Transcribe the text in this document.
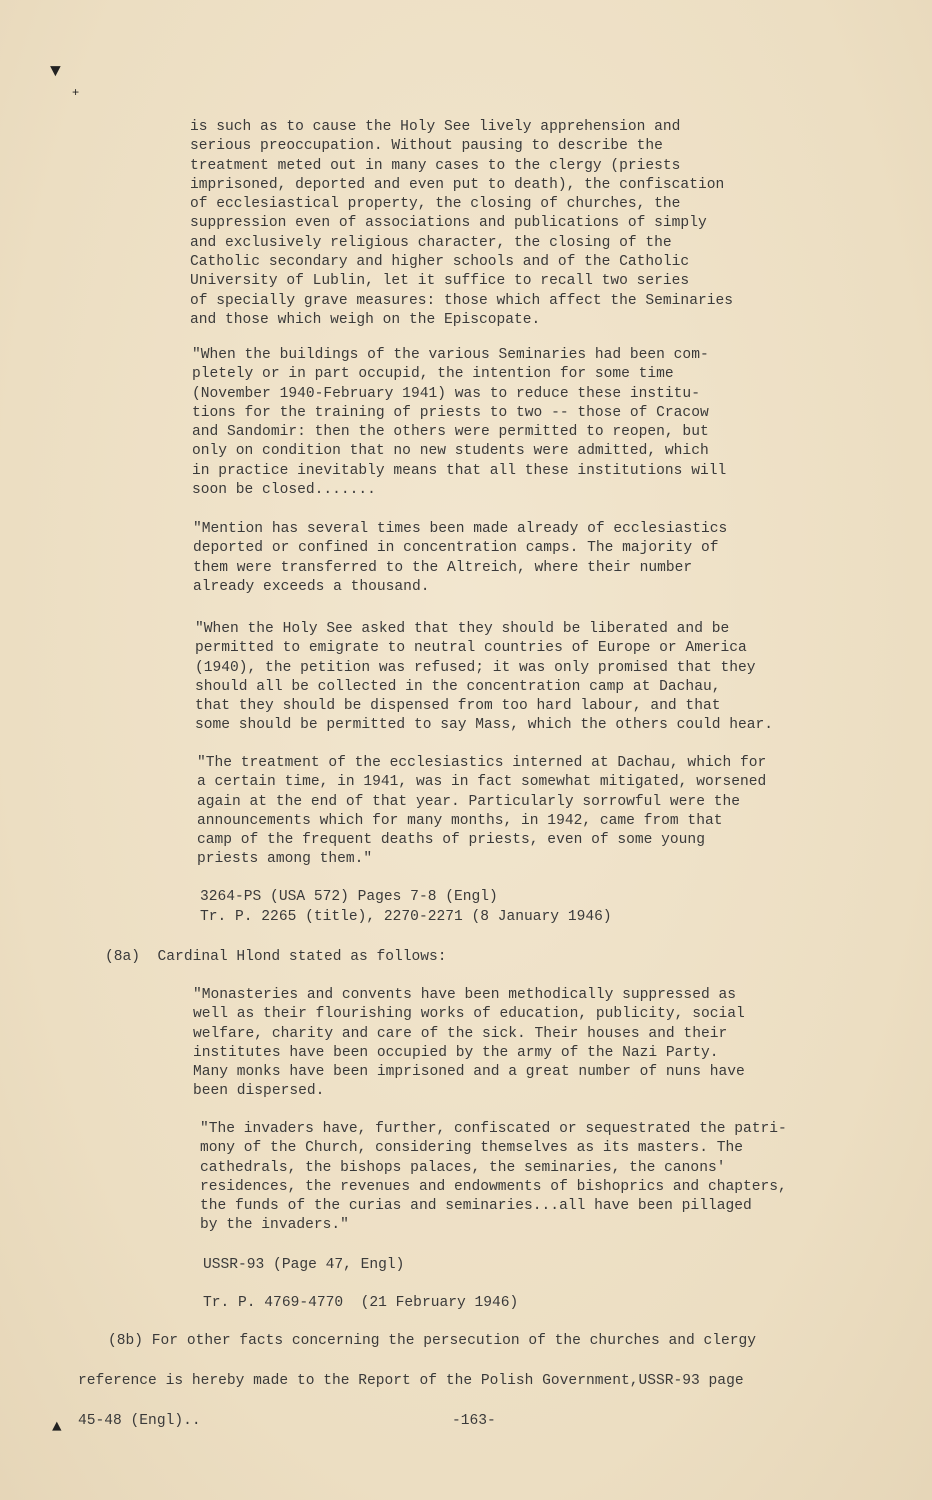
▼
+
is such as to cause the Holy See lively apprehension and
serious preoccupation. Without pausing to describe the
treatment meted out in many cases to the clergy (priests
imprisoned, deported and even put to death), the confiscation
of ecclesiastical property, the closing of churches, the
suppression even of associations and publications of simply
and exclusively religious character, the closing of the
Catholic secondary and higher schools and of the Catholic
University of Lublin, let it suffice to recall two series
of specially grave measures: those which affect the Seminaries
and those which weigh on the Episcopate.
"When the buildings of the various Seminaries had been com-
pletely or in part occupid, the intention for some time
(November 1940-February 1941) was to reduce these institu-
tions for the training of priests to two -- those of Cracow
and Sandomir: then the others were permitted to reopen, but
only on condition that no new students were admitted, which
in practice inevitably means that all these institutions will
soon be closed.......
"Mention has several times been made already of ecclesiastics
deported or confined in concentration camps. The majority of
them were transferred to the Altreich, where their number
already exceeds a thousand.
"When the Holy See asked that they should be liberated and be
permitted to emigrate to neutral countries of Europe or America
(1940), the petition was refused; it was only promised that they
should all be collected in the concentration camp at Dachau,
that they should be dispensed from too hard labour, and that
some should be permitted to say Mass, which the others could hear.
"The treatment of the ecclesiastics interned at Dachau, which for
a certain time, in 1941, was in fact somewhat mitigated, worsened
again at the end of that year. Particularly sorrowful were the
announcements which for many months, in 1942, came from that
camp of the frequent deaths of priests, even of some young
priests among them."
3264-PS (USA 572) Pages 7-8 (Engl)
Tr. P. 2265 (title), 2270-2271 (8 January 1946)
(8a)  Cardinal Hlond stated as follows:
"Monasteries and convents have been methodically suppressed as
well as their flourishing works of education, publicity, social
welfare, charity and care of the sick. Their houses and their
institutes have been occupied by the army of the Nazi Party.
Many monks have been imprisoned and a great number of nuns have
been dispersed.
"The invaders have, further, confiscated or sequestrated the patri-
mony of the Church, considering themselves as its masters. The
cathedrals, the bishops palaces, the seminaries, the canons'
residences, the revenues and endowments of bishoprics and chapters,
the funds of the curias and seminaries...all have been pillaged
by the invaders."
USSR-93 (Page 47, Engl)
Tr. P. 4769-4770  (21 February 1946)
(8b) For other facts concerning the persecution of the churches and clergy
reference is hereby made to the Report of the Polish Government,USSR-93 page
▲ 45-48 (Engl)..	-163-
